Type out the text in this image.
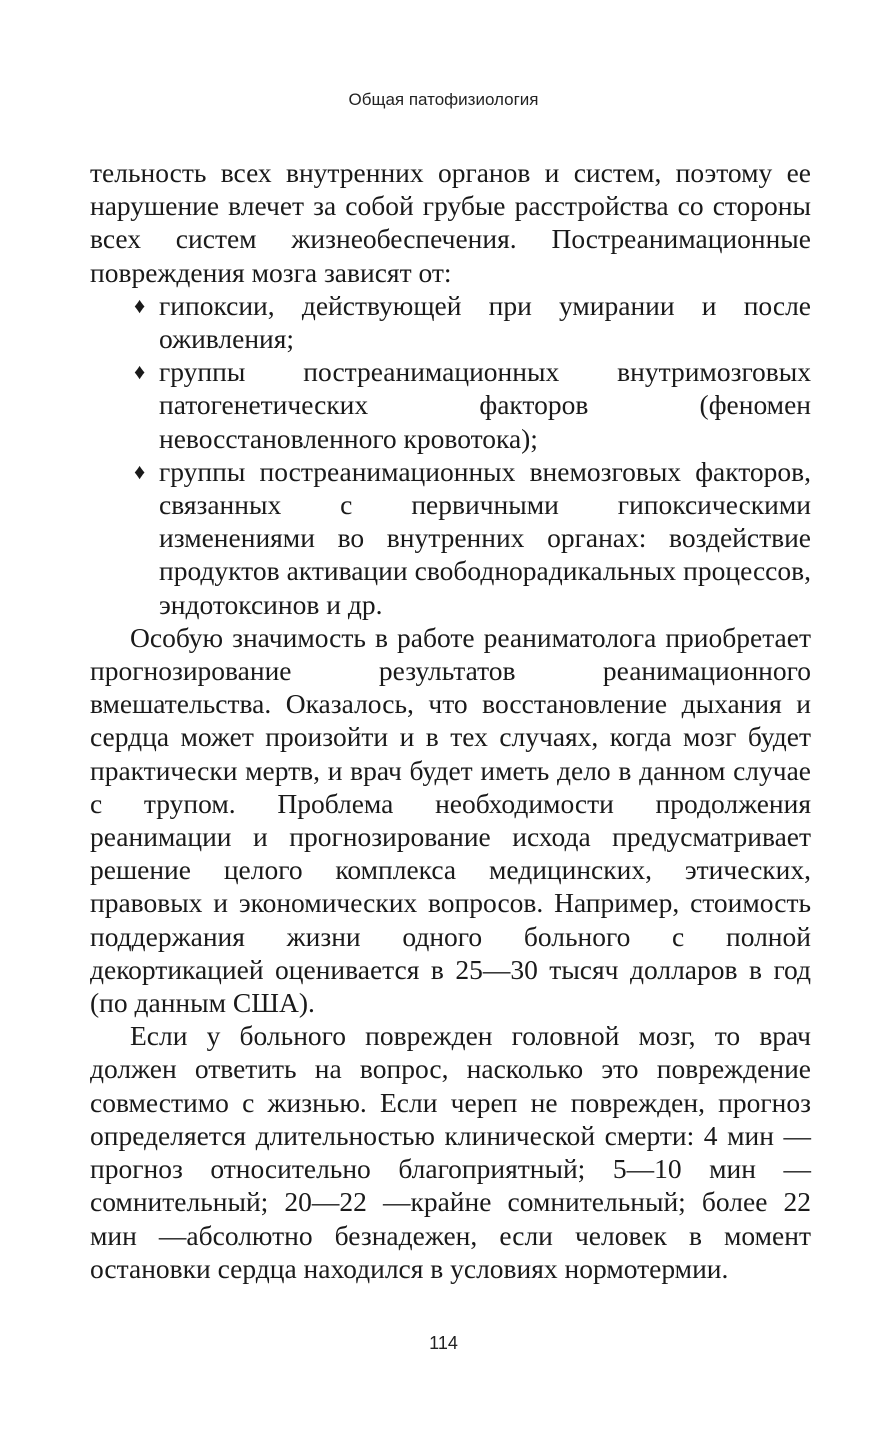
Общая патофизиология

тельность всех внутренних органов и систем, поэтому ее нарушение влечет за собой грубые расстройства со стороны всех систем жизнеобеспечения. Постреанимационные повреждения мозга зависят от:

♦ гипоксии, действующей при умирании и после оживления;
♦ группы постреанимационных внутримозговых патогенетических факторов (феномен невосстановленного кровотока);
♦ группы постреанимационных внемозговых факторов, связанных с первичными гипоксическими изменениями во внутренних органах: воздействие продуктов активации свободнорадикальных процессов, эндотоксинов и др.

Особую значимость в работе реаниматолога приобретает прогнозирование результатов реанимационного вмешательства. Оказалось, что восстановление дыхания и сердца может произойти и в тех случаях, когда мозг будет практически мертв, и врач будет иметь дело в данном случае с трупом. Проблема необходимости продолжения реанимации и прогнозирование исхода предусматривает решение целого комплекса медицинских, этических, правовых и экономических вопросов. Например, стоимость поддержания жизни одного больного с полной декортикацией оценивается в 25—30 тысяч долларов в год (по данным США).

Если у больного поврежден головной мозг, то врач должен ответить на вопрос, насколько это повреждение совместимо с жизнью. Если череп не поврежден, прогноз определяется длительностью клинической смерти: 4 мин —прогноз относительно благоприятный; 5—10 мин —сомнительный; 20—22 —крайне сомнительный; более 22 мин —абсолютно безнадежен, если человек в момент остановки сердца находился в условиях нормотермии.

114
